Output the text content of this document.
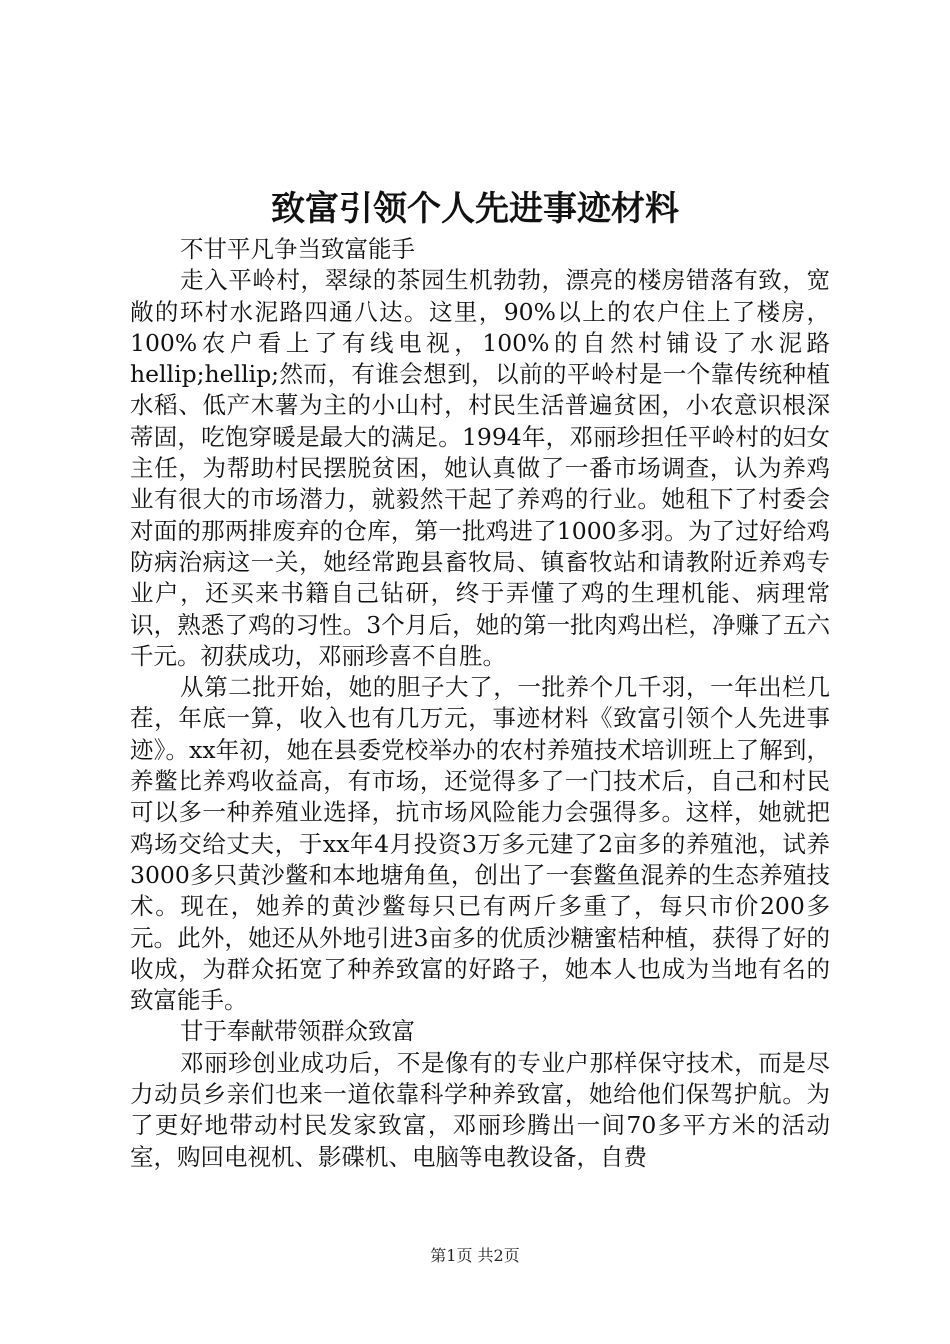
致富引领个人先进事迹材料

不甘平凡争当致富能手

走入平岭村，翠绿的茶园生机勃勃，漂亮的楼房错落有致，宽敞的环村水泥路四通八达。这里，90%以上的农户住上了楼房，100%农户看上了有线电视，100%的自然村铺设了水泥路hellip;hellip;然而，有谁会想到，以前的平岭村是一个靠传统种植水稻、低产木薯为主的小山村，村民生活普遍贫困，小农意识根深蒂固，吃饱穿暖是最大的满足。1994年，邓丽珍担任平岭村的妇女主任，为帮助村民摆脱贫困，她认真做了一番市场调查，认为养鸡业有很大的市场潜力，就毅然干起了养鸡的行业。她租下了村委会对面的那两排废弃的仓库，第一批鸡进了1000多羽。为了过好给鸡防病治病这一关，她经常跑县畜牧局、镇畜牧站和请教附近养鸡专业户，还买来书籍自己钻研，终于弄懂了鸡的生理机能、病理常识，熟悉了鸡的习性。3个月后，她的第一批肉鸡出栏，净赚了五六千元。初获成功，邓丽珍喜不自胜。

从第二批开始，她的胆子大了，一批养个几千羽，一年出栏几茬，年底一算，收入也有几万元，事迹材料《致富引领个人先进事迹》。xx年初，她在县委党校举办的农村养殖技术培训班上了解到，养鳖比养鸡收益高，有市场，还觉得多了一门技术后，自己和村民可以多一种养殖业选择，抗市场风险能力会强得多。这样，她就把鸡场交给丈夫，于xx年4月投资3万多元建了2亩多的养殖池，试养3000多只黄沙鳖和本地塘角鱼，创出了一套鳖鱼混养的生态养殖技术。现在，她养的黄沙鳖每只已有两斤多重了，每只市价200多元。此外，她还从外地引进3亩多的优质沙糖蜜桔种植，获得了好的收成，为群众拓宽了种养致富的好路子，她本人也成为当地有名的致富能手。

甘于奉献带领群众致富

邓丽珍创业成功后，不是像有的专业户那样保守技术，而是尽力动员乡亲们也来一道依靠科学种养致富，她给他们保驾护航。为了更好地带动村民发家致富，邓丽珍腾出一间70多平方米的活动室，购回电视机、影碟机、电脑等电教设备，自费

第1页 共2页
